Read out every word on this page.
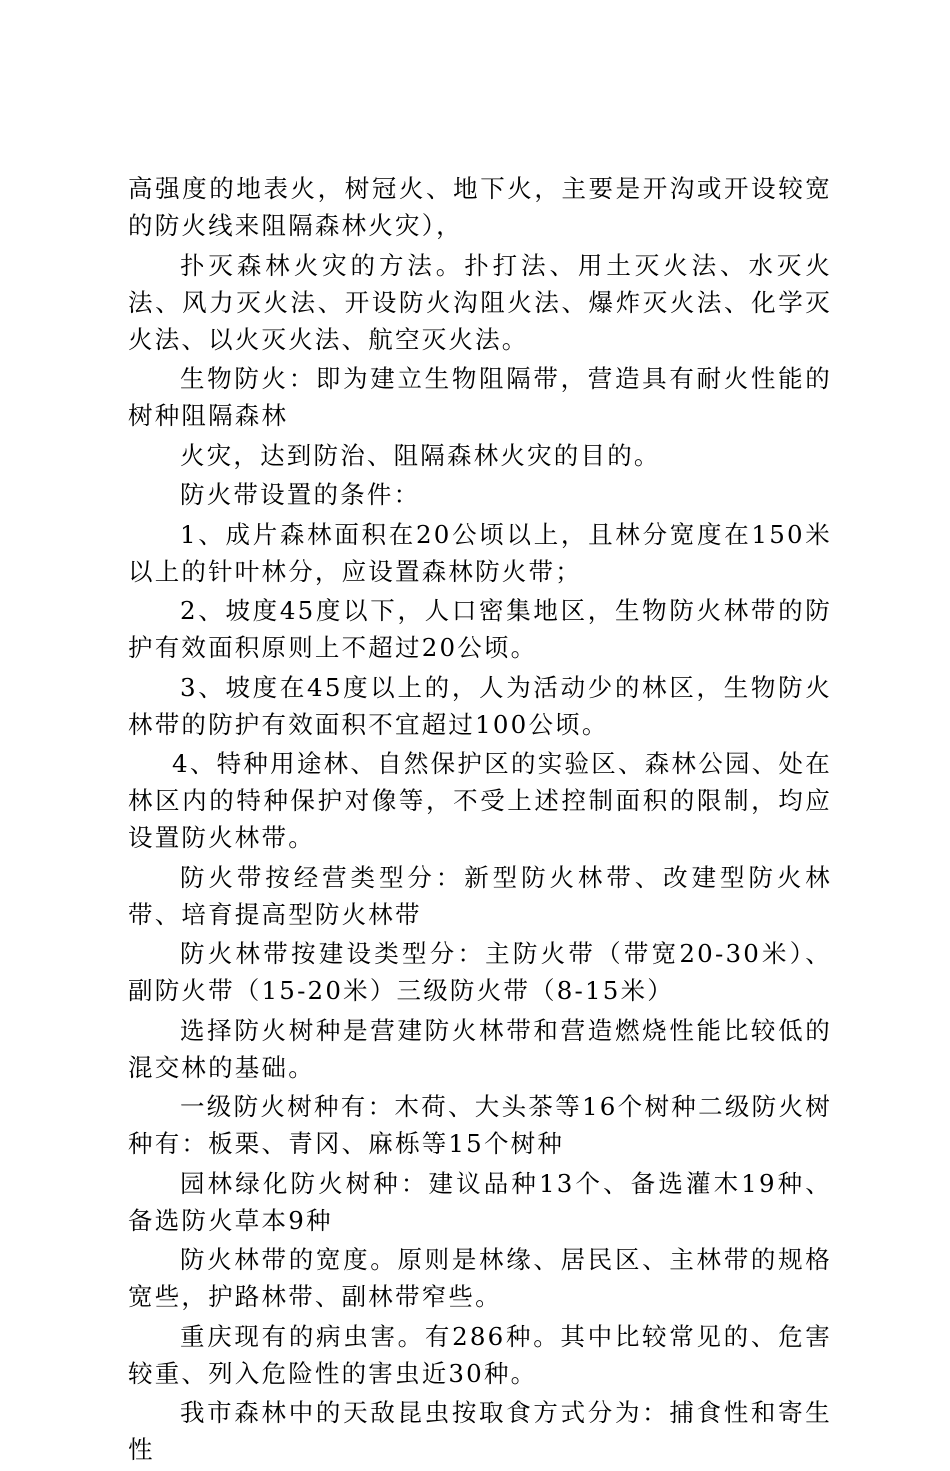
高强度的地表火，树冠火、地下火，主要是开沟或开设较宽的防火线来阻隔森林火灾），

扑灭森林火灾的方法。扑打法、用土灭火法、水灭火法、风力灭火法、开设防火沟阻火法、爆炸灭火法、化学灭火法、以火灭火法、航空灭火法。

生物防火：即为建立生物阻隔带，营造具有耐火性能的树种阻隔森林

火灾，达到防治、阻隔森林火灾的目的。

防火带设置的条件：

1、成片森林面积在20公顷以上，且林分宽度在150米以上的针叶林分，应设置森林防火带；

2、坡度45度以下，人口密集地区，生物防火林带的防护有效面积原则上不超过20公顷。

3、坡度在45度以上的，人为活动少的林区，生物防火林带的防护有效面积不宜超过100公顷。

4、特种用途林、自然保护区的实验区、森林公园、处在林区内的特种保护对像等，不受上述控制面积的限制，均应设置防火林带。

防火带按经营类型分：新型防火林带、改建型防火林带、培育提高型防火林带

防火林带按建设类型分：主防火带（带宽20-30米）、副防火带（15-20米）三级防火带（8-15米）

选择防火树种是营建防火林带和营造燃烧性能比较低的混交林的基础。

一级防火树种有：木荷、大头茶等16个树种二级防火树种有：板栗、青冈、麻栎等15个树种

园林绿化防火树种：建议品种13个、备选灌木19种、备选防火草本9种

防火林带的宽度。原则是林缘、居民区、主林带的规格宽些，护路林带、副林带窄些。

重庆现有的病虫害。有286种。其中比较常见的、危害较重、列入危险性的害虫近30种。

我市森林中的天敌昆虫按取食方式分为：捕食性和寄生性
